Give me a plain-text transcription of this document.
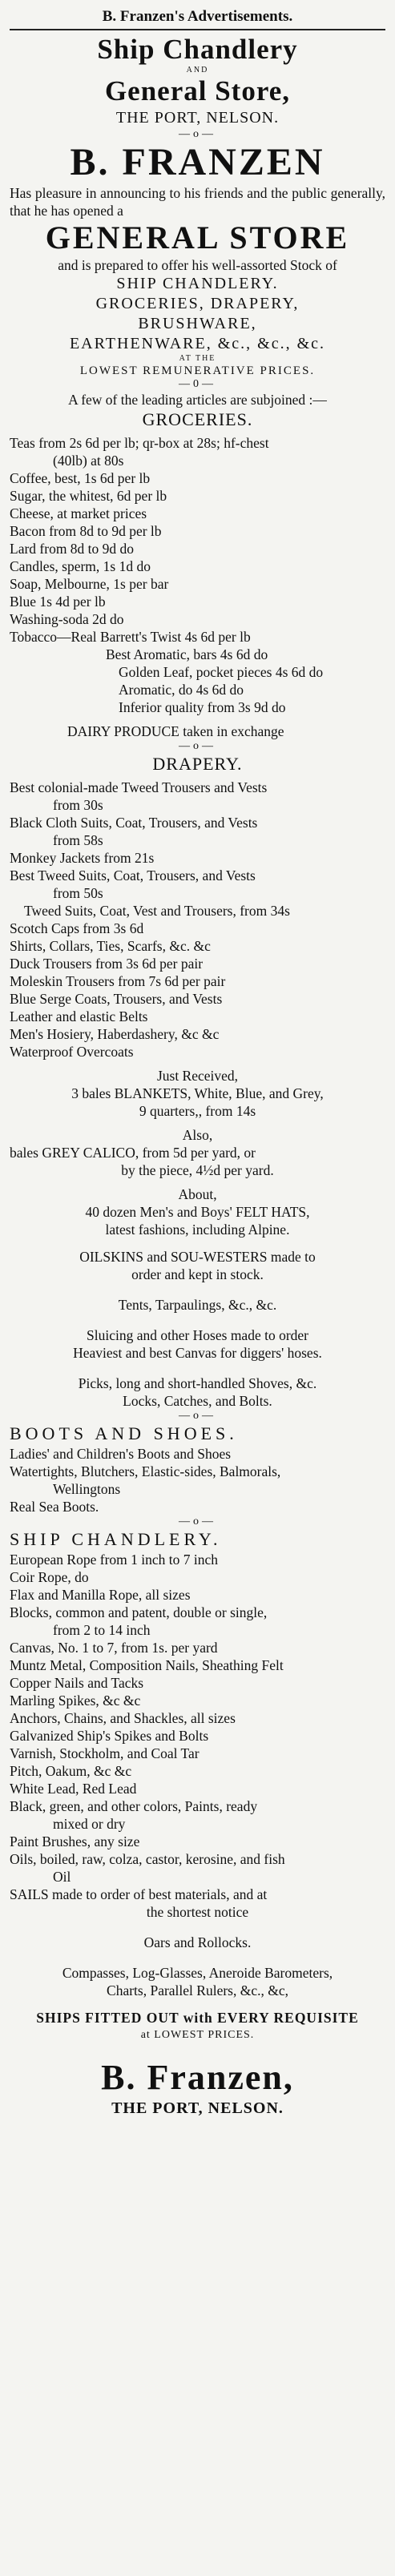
B. Franzen's Advertisements.
Ship Chandlery
AND
General Store,
THE PORT, NELSON.
—o—
B. FRANZEN
Has pleasure in announcing to his friends and the public generally, that he has opened a
GENERAL STORE
and is prepared to offer his well-assorted Stock of
SHIP CHANDLERY.
GROCERIES, DRAPERY,
BRUSHWARE,
EARTHENWARE, &c., &c., &c.
AT THE
LOWEST REMUNERATIVE PRICES.
—0—
A few of the leading articles are subjoined :—
GROCERIES.
Teas from 2s 6d per lb; qr-box at 28s; hf-chest
(40lb) at 80s
Coffee, best, 1s 6d per lb
Sugar, the whitest, 6d per lb
Cheese, at market prices
Bacon from 8d to 9d per lb
Lard from 8d to 9d do
Candles, sperm, 1s 1d do
Soap, Melbourne, 1s per bar
Blue 1s 4d per lb
Washing-soda 2d do
Tobacco—Real Barrett's Twist 4s 6d per lb
Best Aromatic, bars 4s 6d do
Golden Leaf, pocket pieces 4s 6d do
Aromatic, do 4s 6d do
Inferior quality from 3s 9d do
DAIRY PRODUCE taken in exchange
—o—
DRAPERY.
Best colonial-made Tweed Trousers and Vests
from 30s
Black Cloth Suits, Coat, Trousers, and Vests
from 58s
Monkey Jackets from 21s
Best Tweed Suits, Coat, Trousers, and Vests
from 50s
Tweed Suits, Coat, Vest and Trousers, from 34s
Scotch Caps from 3s 6d
Shirts, Collars, Ties, Scarfs, &c. &c
Duck Trousers from 3s 6d per pair
Moleskin Trousers from 7s 6d per pair
Blue Serge Coats, Trousers, and Vests
Leather and elastic Belts
Men's Hosiery, Haberdashery, &c &c
Waterproof Overcoats
Just Received,
3 bales BLANKETS, White, Blue, and Grey,
9 quarters,, from 14s
Also,
bales GREY CALICO, from 5d per yard, or
by the piece, 4½d per yard.
About,
40 dozen Men's and Boys' FELT HATS,
latest fashions, including Alpine.
OILSKINS and SOU-WESTERS made to
order and kept in stock.
Tents, Tarpaulings, &c., &c.
Sluicing and other Hoses made to order
Heaviest and best Canvas for diggers' hoses.
Picks, long and short-handled Shoves, &c.
Locks, Catches, and Bolts.
—o—
BOOTS AND SHOES.
Ladies' and Children's Boots and Shoes
Watertights, Blutchers, Elastic-sides, Balmorals,
Wellingtons
Real Sea Boots.
—o—
SHIP CHANDLERY.
European Rope from 1 inch to 7 inch
Coir Rope, do
Flax and Manilla Rope, all sizes
Blocks, common and patent, double or single,
from 2 to 14 inch
Canvas, No. 1 to 7, from 1s. per yard
Muntz Metal, Composition Nails, Sheathing Felt
Copper Nails and Tacks
Marling Spikes, &c &c
Anchors, Chains, and Shackles, all sizes
Galvanized Ship's Spikes and Bolts
Varnish, Stockholm, and Coal Tar
Pitch, Oakum, &c &c
White Lead, Red Lead
Black, green, and other colors, Paints, ready
mixed or dry
Paint Brushes, any size
Oils, boiled, raw, colza, castor, kerosine, and fish
Oil
SAILS made to order of best materials, and at
the shortest notice
Oars and Rollocks.
Compasses, Log-Glasses, Aneroide Barometers,
Charts, Parallel Rulers, &c., &c,
SHIPS FITTED OUT with EVERY REQUISITE
at LOWEST PRICES.
B. Franzen,
THE PORT, NELSON.
